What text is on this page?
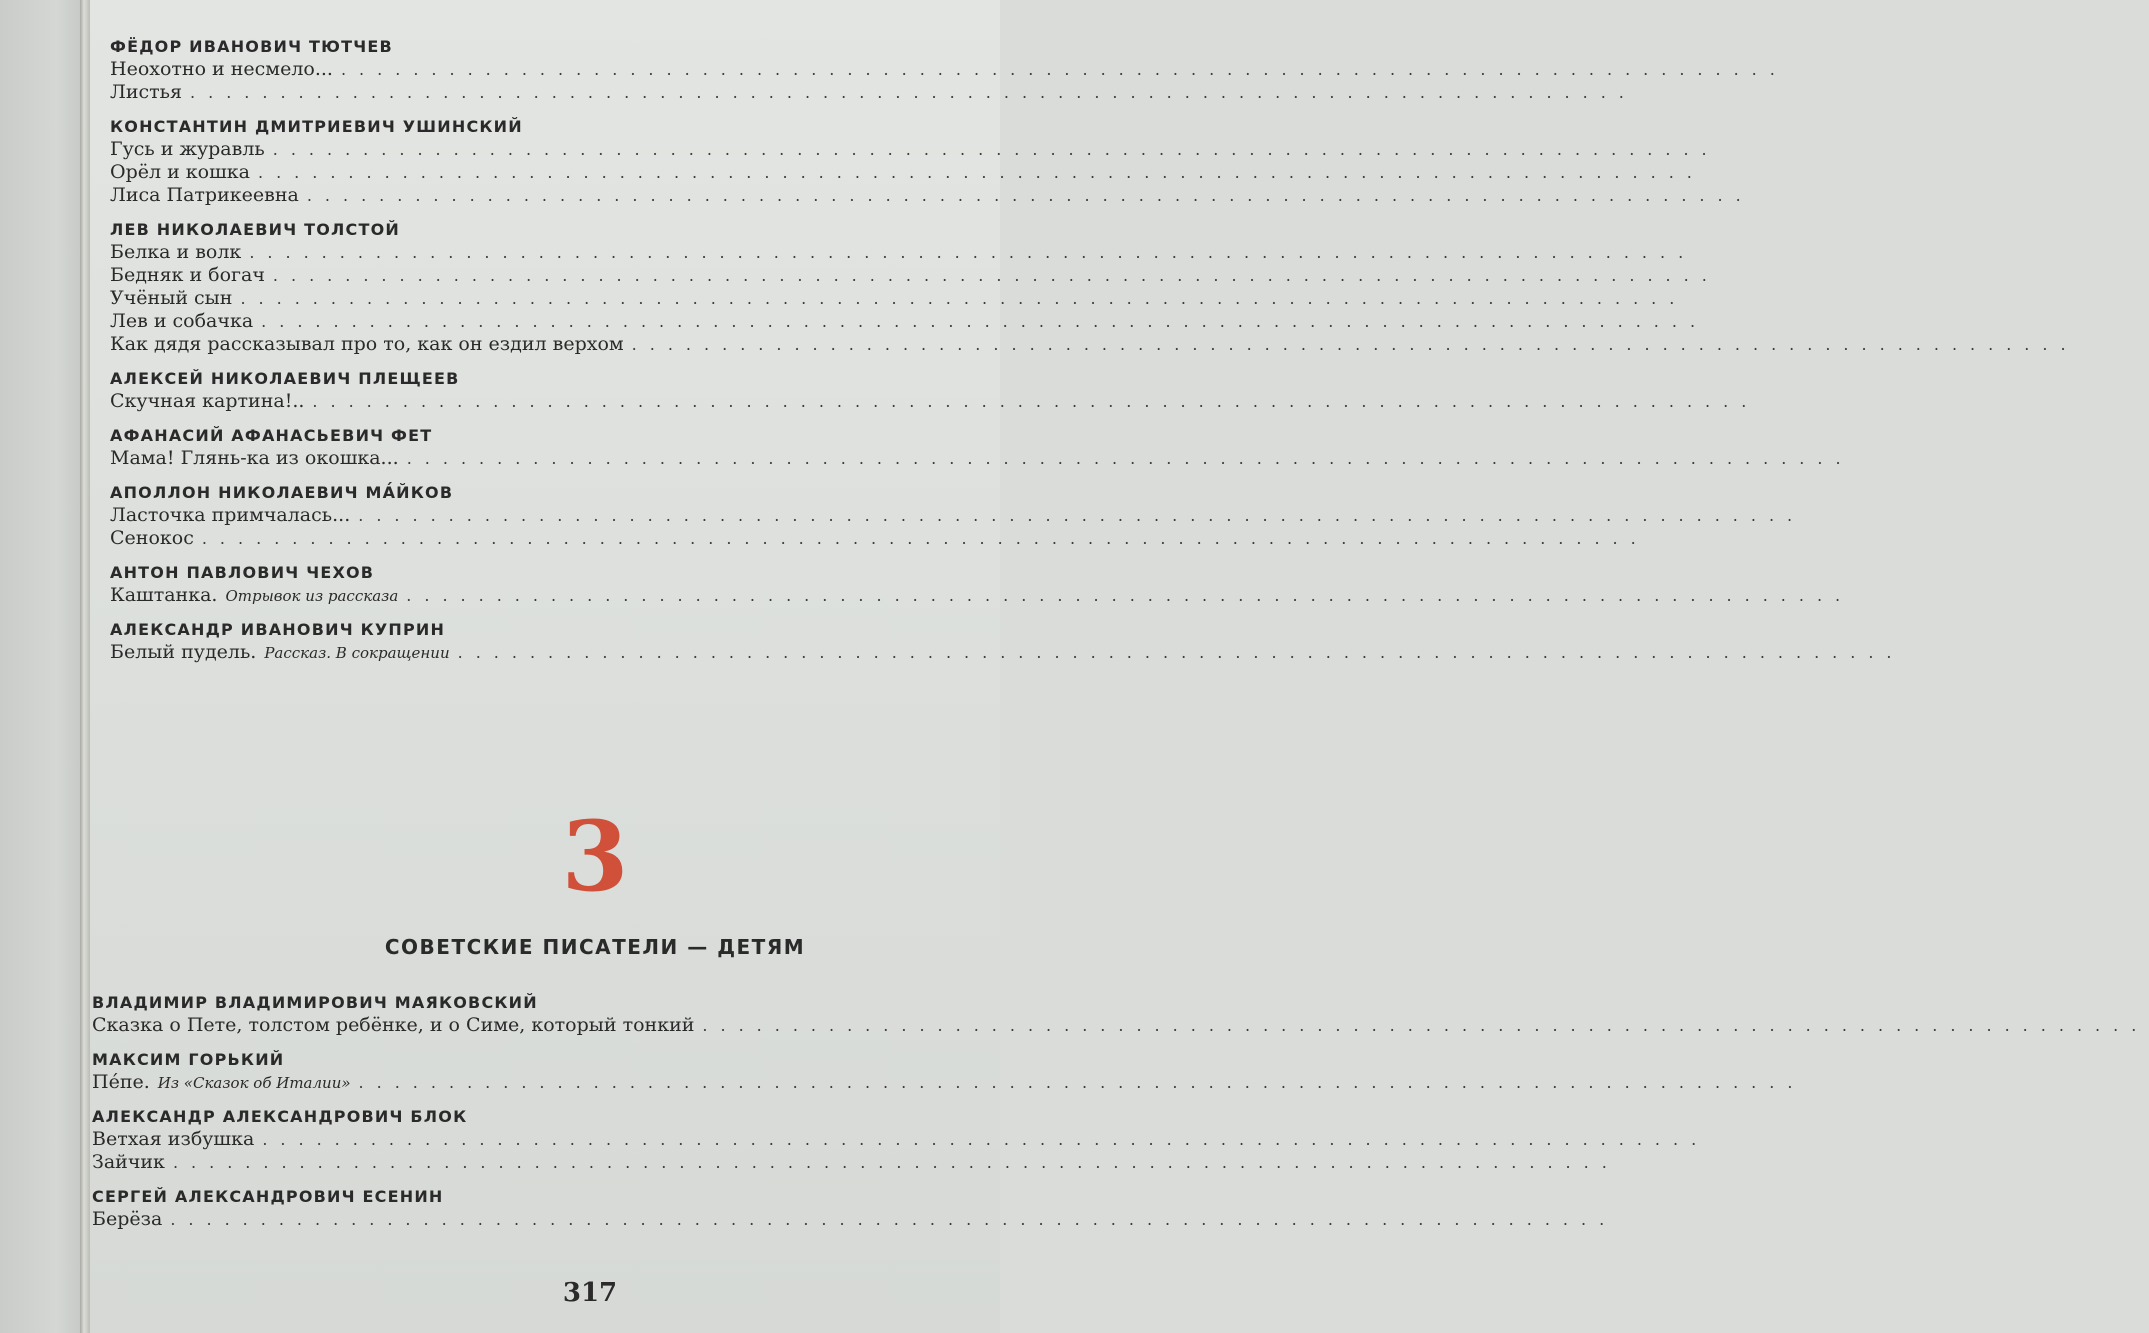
ФЁДОР ИВАНОВИЧ ТЮТЧЕВ
Неохотно и несмело... ................................................................................
Листья ................................................................................
КОНСТАНТИН ДМИТРИЕВИЧ УШИНСКИЙ
Гусь и журавль ................................................................................
Орёл и кошка ................................................................................
Лиса Патрикеевна ................................................................................
ЛЕВ НИКОЛАЕВИЧ ТОЛСТОЙ
Белка и волк ................................................................................
Бедняк и богач ................................................................................
Учёный сын ................................................................................
Лев и собачка ................................................................................
Как дядя рассказывал про то, как он ездил верхом ................................................................................
АЛЕКСЕЙ НИКОЛАЕВИЧ ПЛЕЩЕЕВ
Скучная картина!.. ................................................................................
АФАНАСИЙ АФАНАСЬЕВИЧ ФЕТ
Мама! Глянь-ка из окошка... ................................................................................
АПОЛЛОН НИКОЛАЕВИЧ МА́ЙКОВ
Ласточка примчалась... ................................................................................
Сенокос ................................................................................
АНТОН ПАВЛОВИЧ ЧЕХОВ
Каштанка. Отрывок из рассказа ................................................................................
АЛЕКСАНДР ИВАНОВИЧ КУПРИН
Белый пудель. Рассказ. В сокращении ................................................................................
3
СОВЕТСКИЕ ПИСАТЕЛИ — ДЕТЯМ
ВЛАДИМИР ВЛАДИМИРОВИЧ МАЯКОВСКИЙ
Сказка о Пете, толстом ребёнке, и о Симе, который тонкий ................................................................................
МАКСИМ ГОРЬКИЙ
Пе́пе. Из «Сказок об Италии» ................................................................................
АЛЕКСАНДР АЛЕКСАНДРОВИЧ БЛОК
Ветхая избушка ................................................................................
Зайчик ................................................................................
СЕРГЕЙ АЛЕКСАНДРОВИЧ ЕСЕНИН
Берёза ................................................................................
317
